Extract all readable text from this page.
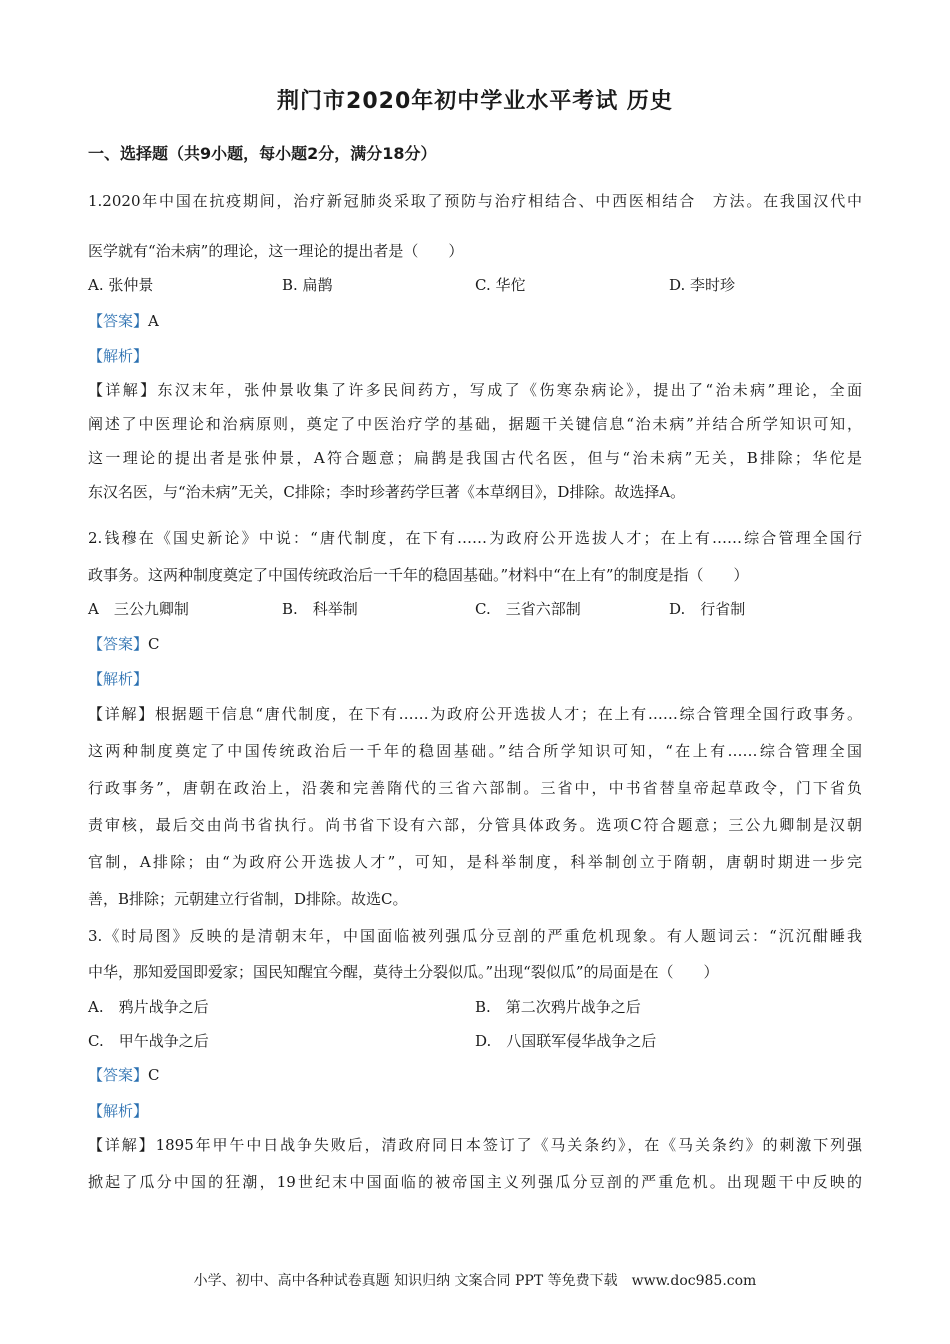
荆门市2020年初中学业水平考试 历史
一、选择题（共9小题，每小题2分，满分18分）
1.2020年中国在抗疫期间，治疗新冠肺炎采取了预防与治疗相结合、中西医相结合　方法。在我国汉代中
医学就有“治未病”的理论，这一理论的提出者是（　　）
A. 张仲景	B. 扁鹊	C. 华佗	D. 李时珍
【答案】A
【解析】
【详解】东汉末年，张仲景收集了许多民间药方，写成了《伤寒杂病论》，提出了“治未病”理论，全面
阐述了中医理论和治病原则，奠定了中医治疗学的基础，据题干关键信息“治未病”并结合所学知识可知，
这一理论的提出者是张仲景，A符合题意；扁鹊是我国古代名医，但与“治未病”无关，B排除；华佗是
东汉名医，与“治未病”无关，C排除；李时珍著药学巨著《本草纲目》，D排除。故选择A。
2.钱穆在《国史新论》中说：“唐代制度，在下有……为政府公开选拔人才；在上有……综合管理全国行
政事务。这两种制度奠定了中国传统政治后一千年的稳固基础。”材料中“在上有”的制度是指（　　）
A　三公九卿制	B.　科举制	C.　三省六部制	D.　行省制
【答案】C
【解析】
【详解】根据题干信息“唐代制度，在下有……为政府公开选拔人才；在上有……综合管理全国行政事务。
这两种制度奠定了中国传统政治后一千年的稳固基础。”结合所学知识可知，“在上有……综合管理全国
行政事务”，唐朝在政治上，沿袭和完善隋代的三省六部制。三省中，中书省替皇帝起草政令，门下省负
责审核，最后交由尚书省执行。尚书省下设有六部，分管具体政务。选项C符合题意；三公九卿制是汉朝
官制，A排除；由“为政府公开选拔人才”，可知，是科举制度，科举制创立于隋朝，唐朝时期进一步完
善，B排除；元朝建立行省制，D排除。故选C。
3.《时局图》反映的是清朝末年，中国面临被列强瓜分豆剖的严重危机现象。有人题词云：“沉沉酣睡我
中华，那知爱国即爱家；国民知醒宜今醒，莫待土分裂似瓜。”出现“裂似瓜”的局面是在（　　）
A.　鸦片战争之后	B.　第二次鸦片战争之后
C.　甲午战争之后	D.　八国联军侵华战争之后
【答案】C
【解析】
【详解】1895年甲午中日战争失败后，清政府同日本签订了《马关条约》，在《马关条约》的刺激下列强
掀起了瓜分中国的狂潮，19世纪末中国面临的被帝国主义列强瓜分豆剖的严重危机。出现题干中反映的
小学、初中、高中各种试卷真题 知识归纳 文案合同 PPT 等免费下载　www.doc985.com
